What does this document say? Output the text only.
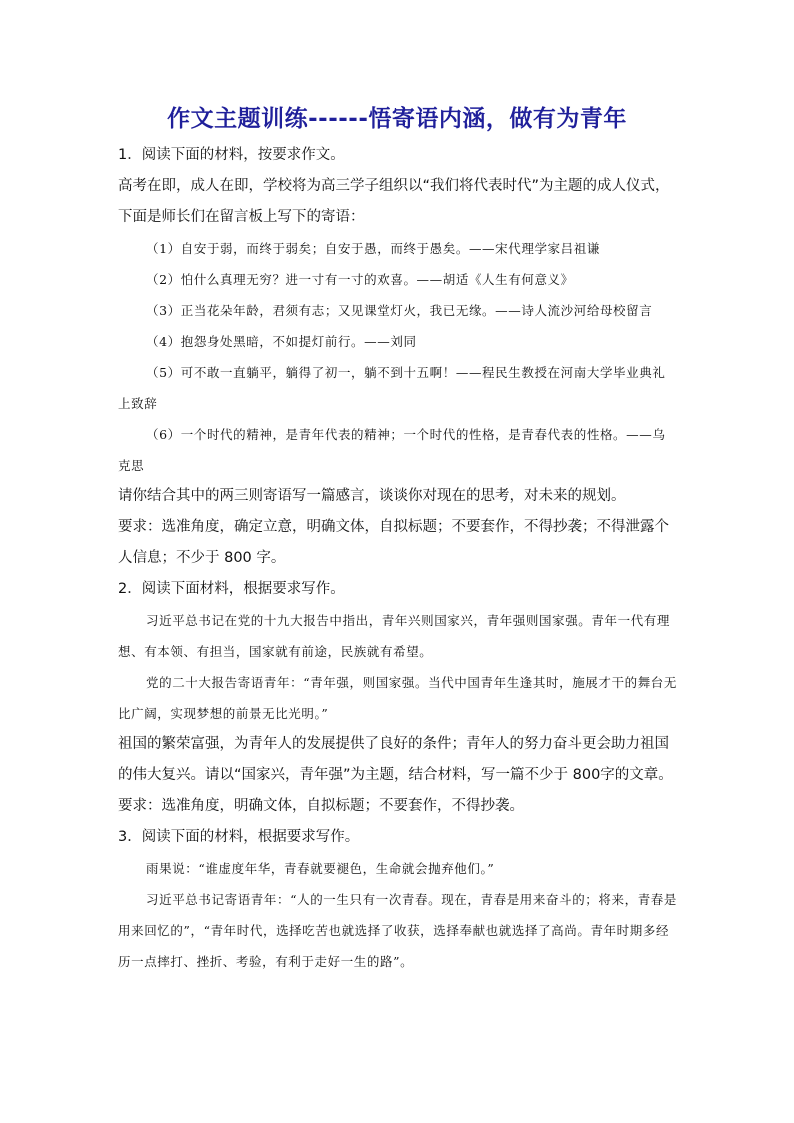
作文主题训练------悟寄语内涵，做有为青年

1．阅读下面的材料，按要求作文。

高考在即，成人在即，学校将为高三学子组织以“我们将代表时代”为主题的成人仪式，下面是师长们在留言板上写下的寄语：

（1）自安于弱，而终于弱矣；自安于愚，而终于愚矣。——宋代理学家吕祖谦

（2）怕什么真理无穷？进一寸有一寸的欢喜。——胡适《人生有何意义》

（3）正当花朵年龄，君须有志；又见课堂灯火，我已无缘。——诗人流沙河给母校留言

（4）抱怨身处黑暗，不如提灯前行。——刘同

（5）可不敢一直躺平，躺得了初一，躺不到十五啊！——程民生教授在河南大学毕业典礼上致辞

（6）一个时代的精神，是青年代表的精神；一个时代的性格，是青春代表的性格。——乌克思

请你结合其中的两三则寄语写一篇感言，谈谈你对现在的思考，对未来的规划。

要求：选准角度，确定立意，明确文体，自拟标题；不要套作，不得抄袭；不得泄露个人信息；不少于 800 字。

2．阅读下面材料，根据要求写作。

习近平总书记在党的十九大报告中指出，青年兴则国家兴，青年强则国家强。青年一代有理想、有本领、有担当，国家就有前途，民族就有希望。

党的二十大报告寄语青年：“青年强，则国家强。当代中国青年生逢其时，施展才干的舞台无比广阔，实现梦想的前景无比光明。”

祖国的繁荣富强，为青年人的发展提供了良好的条件；青年人的努力奋斗更会助力祖国的伟大复兴。请以“国家兴，青年强”为主题，结合材料，写一篇不少于 800字的文章。

要求：选准角度，明确文体，自拟标题；不要套作，不得抄袭。

3．阅读下面的材料，根据要求写作。

雨果说：“谁虚度年华，青春就要褪色，生命就会抛弃他们。”

习近平总书记寄语青年：“人的一生只有一次青春。现在，青春是用来奋斗的；将来，青春是用来回忆的”，“青年时代，选择吃苦也就选择了收获，选择奉献也就选择了高尚。青年时期多经历一点摔打、挫折、考验，有利于走好一生的路”。
